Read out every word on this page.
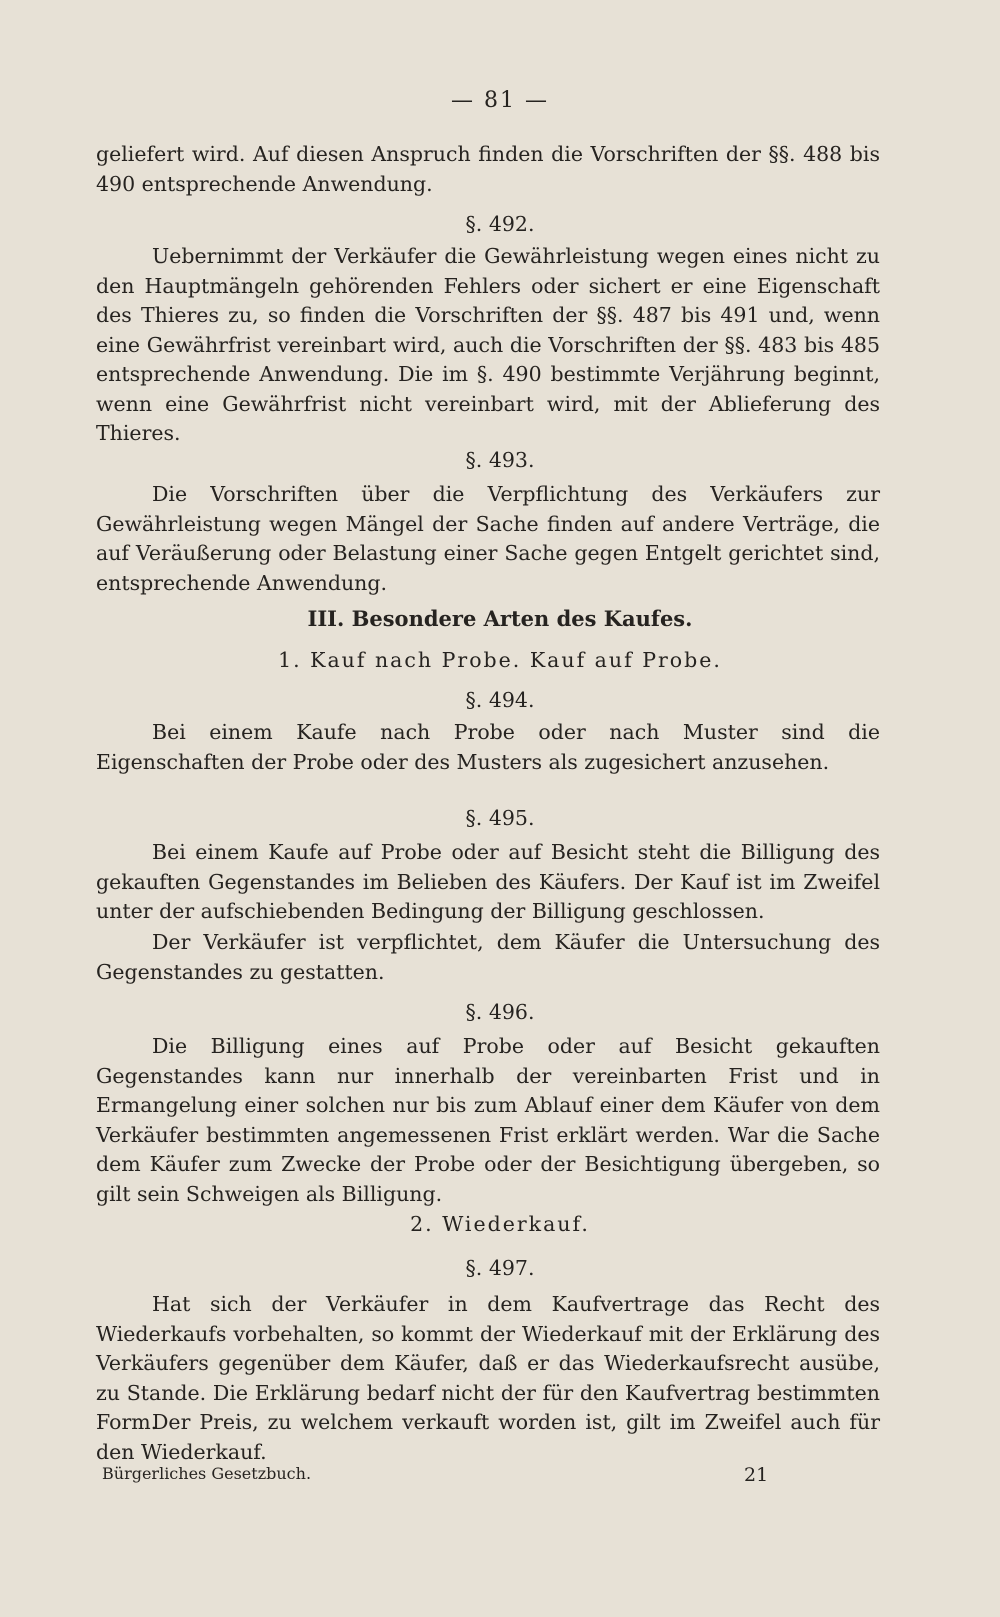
— 81 —
geliefert wird. Auf diesen Anspruch finden die Vorschriften der §§. 488 bis 490 entsprechende Anwendung.
§. 492.
Uebernimmt der Verkäufer die Gewährleistung wegen eines nicht zu den Hauptmängeln gehörenden Fehlers oder sichert er eine Eigenschaft des Thieres zu, so finden die Vorschriften der §§. 487 bis 491 und, wenn eine Gewährfrist vereinbart wird, auch die Vorschriften der §§. 483 bis 485 entsprechende Anwendung. Die im §. 490 bestimmte Verjährung beginnt, wenn eine Gewährfrist nicht vereinbart wird, mit der Ablieferung des Thieres.
§. 493.
Die Vorschriften über die Verpflichtung des Verkäufers zur Gewährleistung wegen Mängel der Sache finden auf andere Verträge, die auf Veräußerung oder Belastung einer Sache gegen Entgelt gerichtet sind, entsprechende Anwendung.
III. Besondere Arten des Kaufes.
1. Kauf nach Probe. Kauf auf Probe.
§. 494.
Bei einem Kaufe nach Probe oder nach Muster sind die Eigenschaften der Probe oder des Musters als zugesichert anzusehen.
§. 495.
Bei einem Kaufe auf Probe oder auf Besicht steht die Billigung des gekauften Gegenstandes im Belieben des Käufers. Der Kauf ist im Zweifel unter der aufschiebenden Bedingung der Billigung geschlossen.
Der Verkäufer ist verpflichtet, dem Käufer die Untersuchung des Gegenstandes zu gestatten.
§. 496.
Die Billigung eines auf Probe oder auf Besicht gekauften Gegenstandes kann nur innerhalb der vereinbarten Frist und in Ermangelung einer solchen nur bis zum Ablauf einer dem Käufer von dem Verkäufer bestimmten angemessenen Frist erklärt werden. War die Sache dem Käufer zum Zwecke der Probe oder der Besichtigung übergeben, so gilt sein Schweigen als Billigung.
2. Wiederkauf.
§. 497.
Hat sich der Verkäufer in dem Kaufvertrage das Recht des Wiederkaufs vorbehalten, so kommt der Wiederkauf mit der Erklärung des Verkäufers gegenüber dem Käufer, daß er das Wiederkaufsrecht ausübe, zu Stande. Die Erklärung bedarf nicht der für den Kaufvertrag bestimmten Form.
Der Preis, zu welchem verkauft worden ist, gilt im Zweifel auch für den Wiederkauf.
Bürgerliches Gesetzbuch.	21
